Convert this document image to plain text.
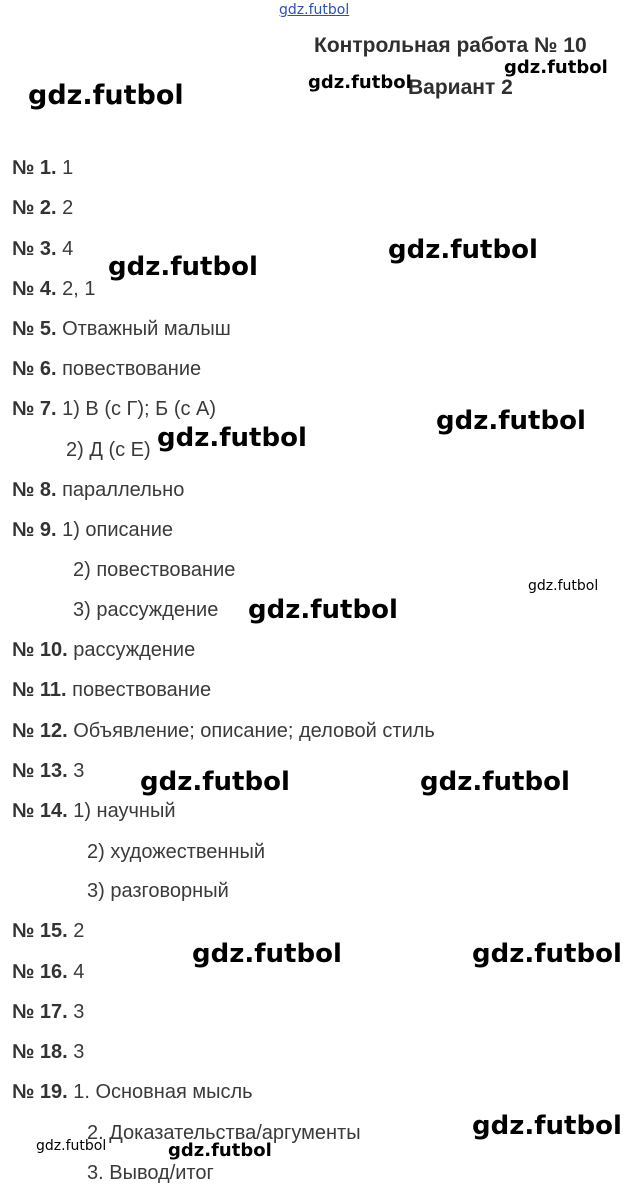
Контрольная работа № 10
Вариант 2
№ 1. 1
№ 2. 2
№ 3. 4
№ 4. 2, 1
№ 5. Отважный малыш
№ 6. повествование
№ 7. 1) В (с Г); Б (с А)
2) Д (с Е)
№ 8. параллельно
№ 9. 1) описание
2) повествование
3) рассуждение
№ 10. рассуждение
№ 11. повествование
№ 12. Объявление; описание; деловой стиль
№ 13. 3
№ 14. 1) научный
2) художественный
3) разговорный
№ 15. 2
№ 16. 4
№ 17. 3
№ 18. 3
№ 19. 1. Основная мысль
2. Доказательства/аргументы
3. Вывод/итог
gdz.futbol
gdz.futbol	gdz.futbol
gdz.futbol
gdz.futbol
gdz.futbol
gdz.futbol
gdz.futbol
gdz.futbol
gdz.futbol
gdz.futbol	gdz.futbol
gdz.futbol	gdz.futbol
gdz.futbol
gdz.futbol	gdz.futbol
